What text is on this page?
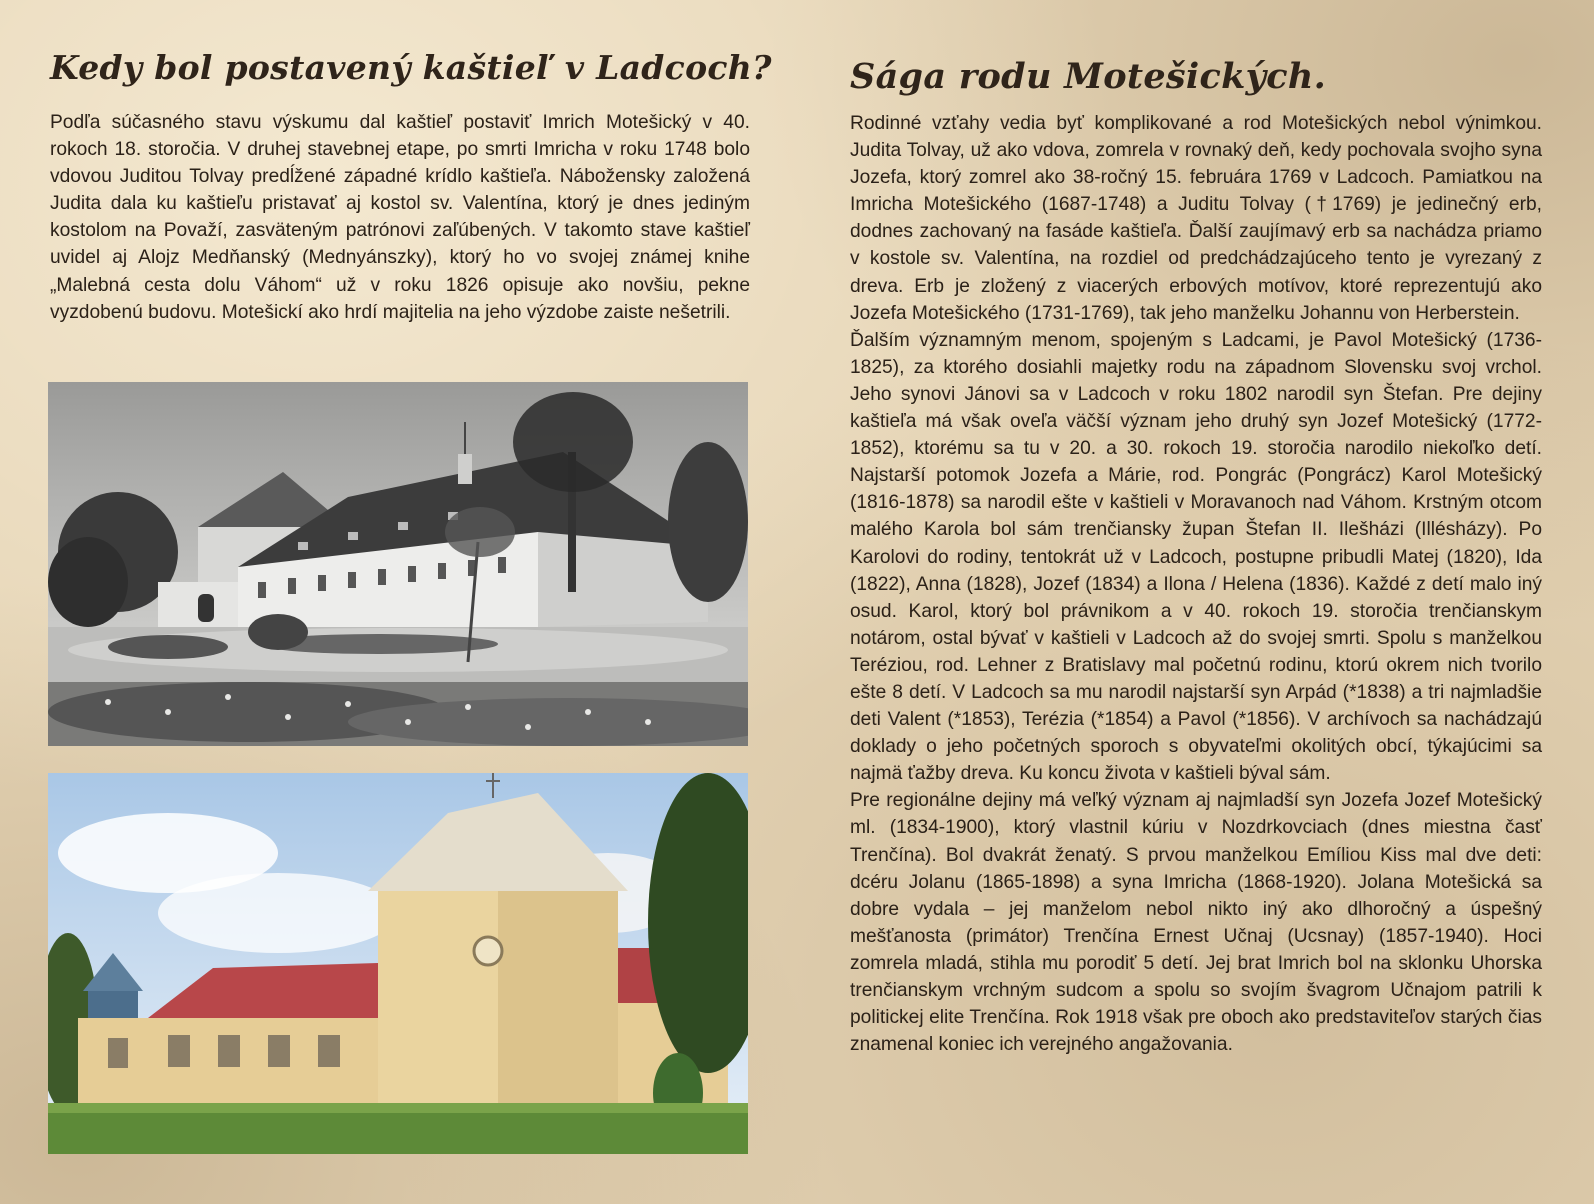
Kedy bol postavený kaštieľ v Ladcoch?

Podľa súčasného stavu výskumu dal kaštieľ postaviť Imrich Motešický v 40. rokoch 18. storočia. V druhej stavebnej etape, po smrti Imricha v roku 1748 bolo vdovou Juditou Tolvay predĺžené západné krídlo kaštieľa. Nábožensky založená Judita dala ku kaštieľu pristavať aj kostol sv. Valentína, ktorý je dnes jediným kostolom na Považí, zasväteným patrónovi zaľúbených. V takomto stave kaštieľ uvidel aj Alojz Medňanský (Mednyánszky), ktorý ho vo svojej známej knihe „Malebná cesta dolu Váhom“ už v roku 1826 opisuje ako novšiu, pekne vyzdobenú budovu. Motešickí ako hrdí majitelia na jeho výzdobe zaiste nešetrili.

Sága rodu Motešických.

Rodinné vzťahy vedia byť komplikované a rod Motešických nebol výnimkou. Judita Tolvay, už ako vdova, zomrela v rovnaký deň, kedy pochovala svojho syna Jozefa, ktorý zomrel ako 38-ročný 15. februára 1769 v Ladcoch. Pamiatkou na Imricha Motešického (1687-1748) a Juditu Tolvay (†1769) je jedinečný erb, dodnes zachovaný na fasáde kaštieľa. Ďalší zaujímavý erb sa nachádza priamo v kostole sv. Valentína, na rozdiel od predchádzajúceho tento je vyrezaný z dreva. Erb je zložený z viacerých erbových motívov, ktoré reprezentujú ako Jozefa Motešického (1731-1769), tak jeho manželku Johannu von Herberstein.

Ďalším významným menom, spojeným s Ladcami, je Pavol Motešický (1736-1825), za ktorého dosiahli majetky rodu na západnom Slovensku svoj vrchol. Jeho synovi Jánovi sa v Ladcoch v roku 1802 narodil syn Štefan. Pre dejiny kaštieľa má však oveľa väčší význam jeho druhý syn Jozef Motešický (1772-1852), ktorému sa tu v 20. a 30. rokoch 19. storočia narodilo niekoľko detí. Najstarší potomok Jozefa a Márie, rod. Pongrác (Pongrácz) Karol Motešický (1816-1878) sa narodil ešte v kaštieli v Moravanoch nad Váhom. Krstným otcom malého Karola bol sám trenčiansky župan Štefan II. Ilešházi (Illésházy). Po Karolovi do rodiny, tentokrát už v Ladcoch, postupne pribudli Matej (1820), Ida (1822), Anna (1828), Jozef (1834) a Ilona / Helena (1836). Každé z detí malo iný osud. Karol, ktorý bol právnikom a v 40. rokoch 19. storočia trenčianskym notárom, ostal bývať v kaštieli v Ladcoch až do svojej smrti. Spolu s manželkou Teréziou, rod. Lehner z Bratislavy mal početnú rodinu, ktorú okrem nich tvorilo ešte 8 detí. V Ladcoch sa mu narodil najstarší syn Arpád (*1838) a tri najmladšie deti Valent (*1853), Terézia (*1854) a Pavol (*1856). V archívoch sa nachádzajú doklady o jeho početných sporoch s obyvateľmi okolitých obcí, týkajúcimi sa najmä ťažby dreva. Ku koncu života v kaštieli býval sám.

Pre regionálne dejiny má veľký význam aj najmladší syn Jozefa Jozef Motešický ml. (1834-1900), ktorý vlastnil kúriu v Nozdrkovciach (dnes miestna časť Trenčína). Bol dvakrát ženatý. S prvou manželkou Emíliou Kiss mal dve deti: dcéru Jolanu (1865-1898) a syna Imricha (1868-1920). Jolana Motešická sa dobre vydala – jej manželom nebol nikto iný ako dlhoročný a úspešný mešťanosta (primátor) Trenčína Ernest Učnaj (Ucsnay) (1857-1940). Hoci zomrela mladá, stihla mu porodiť 5 detí. Jej brat Imrich bol na sklonku Uhorska trenčianskym vrchným sudcom a spolu so svojím švagrom Učnajom patrili k politickej elite Trenčína. Rok 1918 však pre oboch ako predstaviteľov starých čias znamenal koniec ich verejného angažovania.
